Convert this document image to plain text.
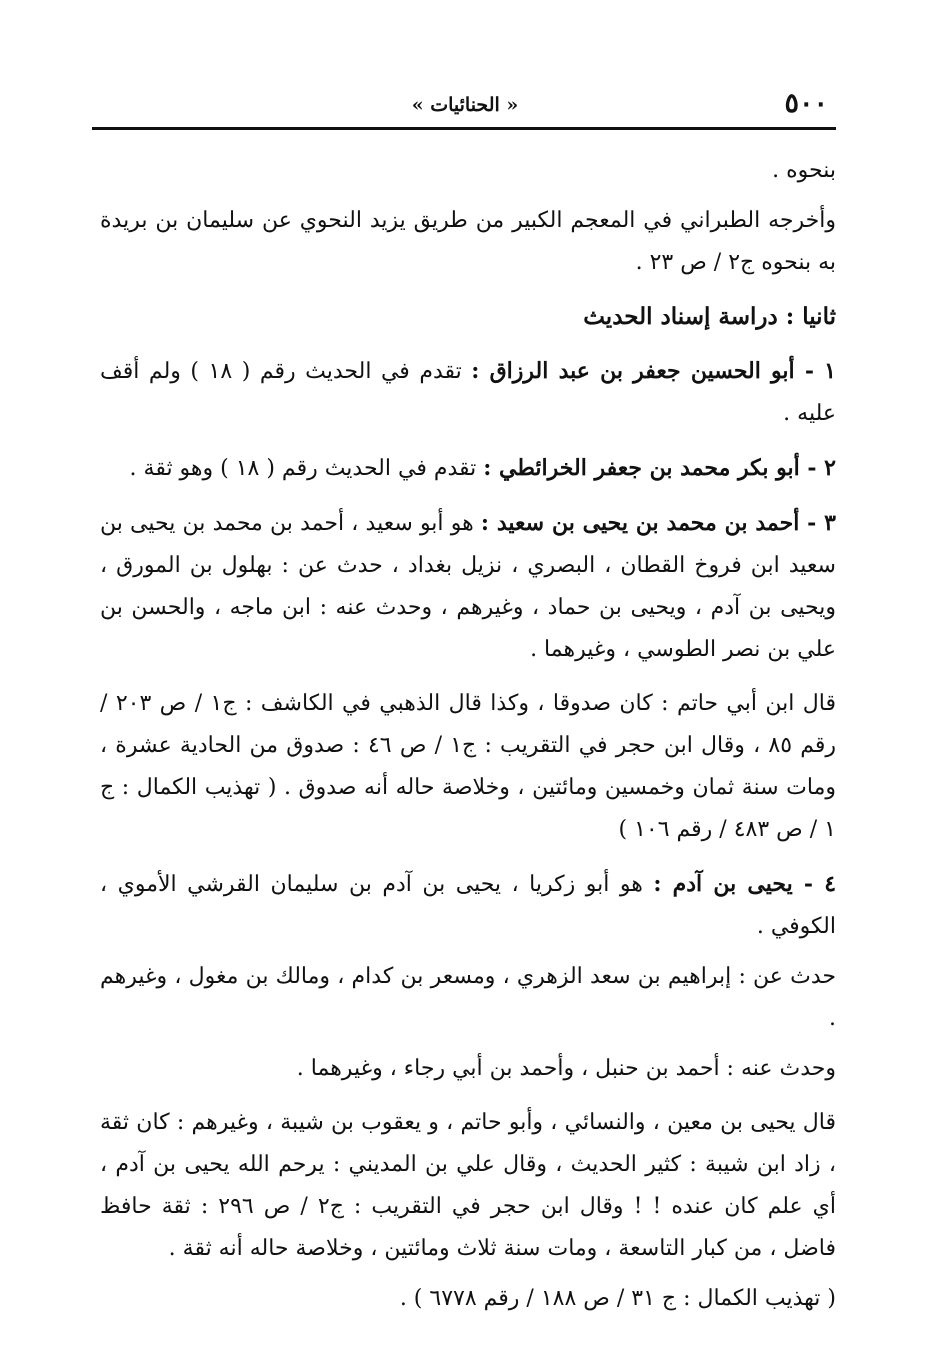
٥٠٠
« الحنائيات »

بنحوه .

وأخرجه الطبراني في المعجم الكبير من طريق يزيد النحوي عن سليمان بن بريدة به بنحوه ج٢ / ص ٢٣ .

ثانيا : دراسة إسناد الحديث

١ - أبو الحسين جعفر بن عبد الرزاق : تقدم في الحديث رقم ( ١٨ ) ولم أقف عليه .

٢ - أبو بكر محمد بن جعفر الخرائطي : تقدم في الحديث رقم ( ١٨ ) وهو ثقة .

٣ - أحمد بن محمد بن يحيى بن سعيد : هو أبو سعيد ، أحمد بن محمد بن يحيى بن سعيد ابن فروخ القطان ، البصري ، نزيل بغداد ، حدث عن : بهلول بن المورق ، ويحيى بن آدم ، ويحيى بن حماد ، وغيرهم ، وحدث عنه : ابن ماجه ، والحسن بن علي بن نصر الطوسي ، وغيرهما .

قال ابن أبي حاتم : كان صدوقا ، وكذا قال الذهبي في الكاشف : ج١ / ص ٢٠٣ / رقم ٨٥ ، وقال ابن حجر في التقريب : ج١ / ص ٤٦ : صدوق من الحادية عشرة ، ومات سنة ثمان وخمسين ومائتين ، وخلاصة حاله أنه صدوق . ( تهذيب الكمال : ج ١ / ص ٤٨٣ / رقم ١٠٦ )

٤ - يحيى بن آدم : هو أبو زكريا ، يحيى بن آدم بن سليمان القرشي الأموي ، الكوفي .

حدث عن : إبراهيم بن سعد الزهري ، ومسعر بن كدام ، ومالك بن مغول ، وغيرهم .

وحدث عنه : أحمد بن حنبل ، وأحمد بن أبي رجاء ، وغيرهما .

قال يحيى بن معين ، والنسائي ، وأبو حاتم ، و يعقوب بن شيبة ، وغيرهم : كان ثقة ، زاد ابن شيبة : كثير الحديث ، وقال علي بن المديني : يرحم الله يحيى بن آدم ، أي علم كان عنده ! ! وقال ابن حجر في التقريب : ج٢ / ص ٢٩٦ : ثقة حافظ فاضل ، من كبار التاسعة ، ومات سنة ثلاث ومائتين ، وخلاصة حاله أنه ثقة .

( تهذيب الكمال : ج ٣١ / ص ١٨٨ / رقم ٦٧٧٨ ) .
